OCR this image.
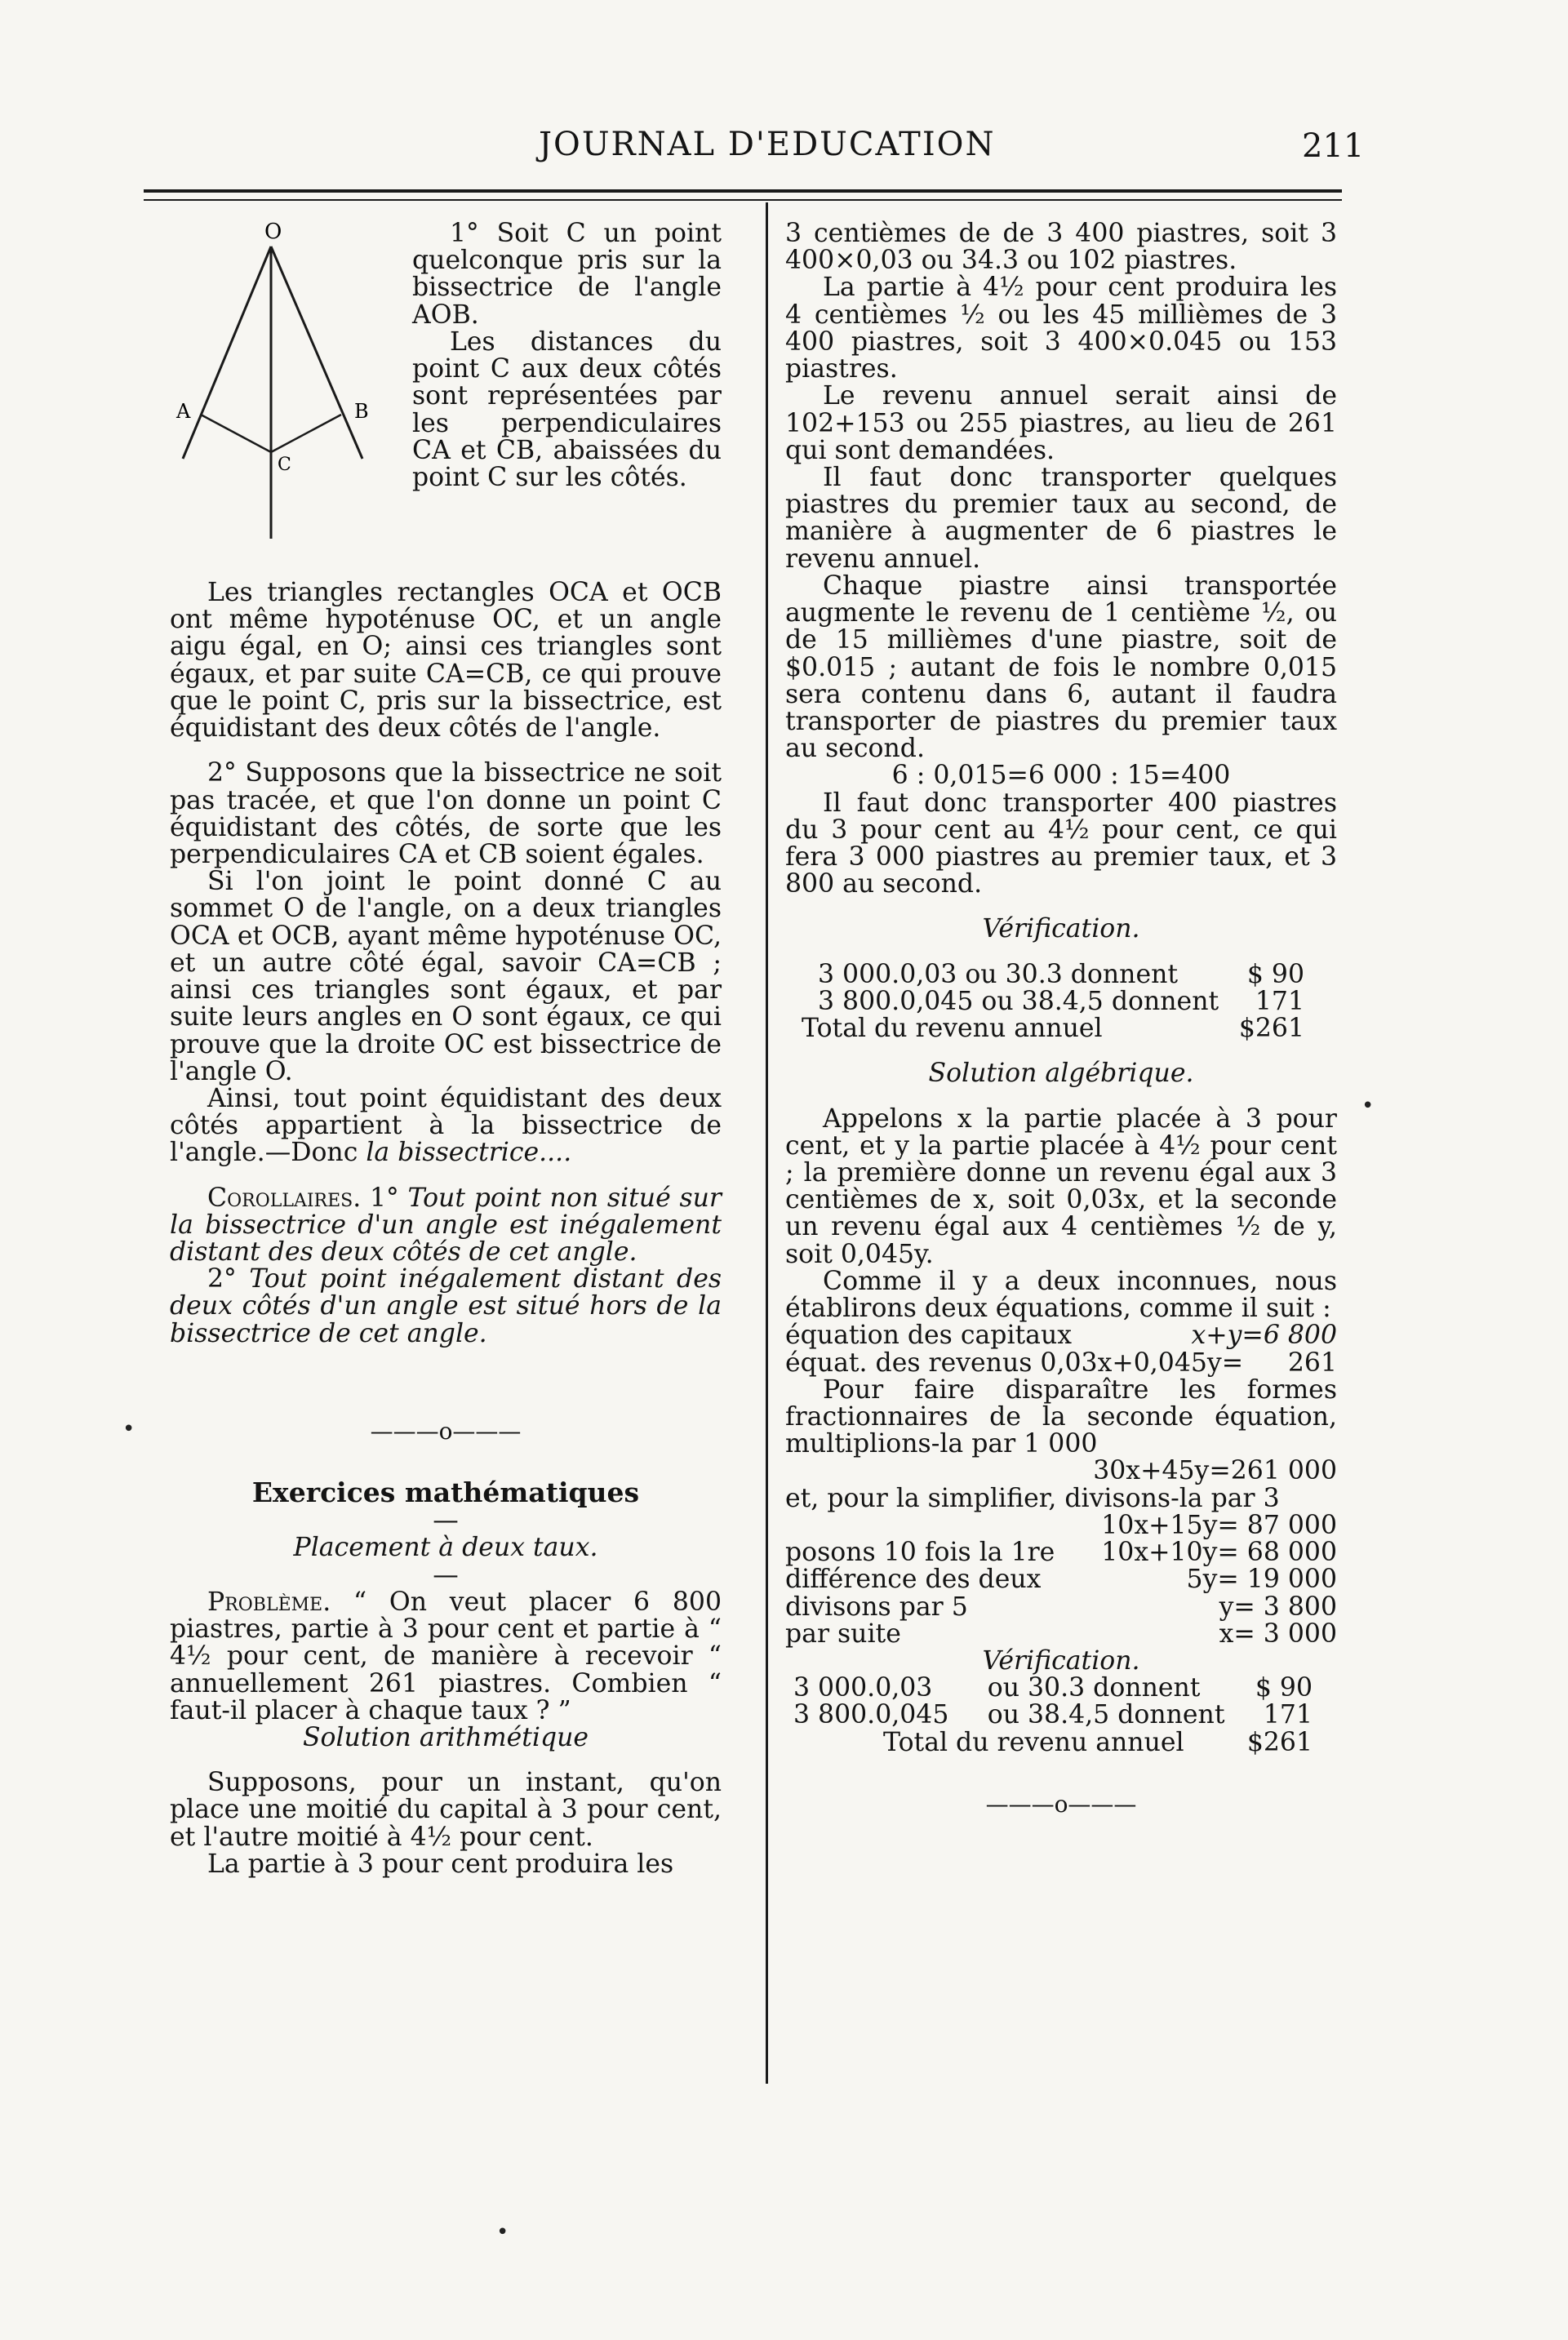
JOURNAL D'EDUCATION	211
O
A	B
C

1° Soit C un point quelconque pris sur la bissectrice de l'angle AOB.

Les distances du point C aux deux côtés sont représentées par les perpendiculaires CA et CB, abaissées du point C sur les côtés.

Les triangles rectangles OCA et OCB ont même hypoténuse OC, et un angle aigu égal, en O; ainsi ces triangles sont égaux, et par suite CA=CB, ce qui prouve que le point C, pris sur la bissectrice, est équidistant des deux côtés de l'angle.

2° Supposons que la bissectrice ne soit pas tracée, et que l'on donne un point C équidistant des côtés, de sorte que les perpendiculaires CA et CB soient égales.

Si l'on joint le point donné C au sommet O de l'angle, on a deux triangles OCA et OCB, ayant même hypoténuse OC, et un autre côté égal, savoir CA=CB ; ainsi ces triangles sont égaux, et par suite leurs angles en O sont égaux, ce qui prouve que la droite OC est bissectrice de l'angle O.

Ainsi, tout point équidistant des deux côtés appartient à la bissectrice de l'angle.—Donc la bissectrice....

Corollaires. 1° Tout point non situé sur la bissectrice d'un angle est inégalement distant des deux côtés de cet angle.

2° Tout point inégalement distant des deux côtés d'un angle est situé hors de la bissectrice de cet angle.

———o———

Exercices mathématiques

—

Placement à deux taux.

—

Problème. “ On veut placer 6 800 piastres, partie à 3 pour cent et partie à “ 4½ pour cent, de manière à recevoir “ annuellement 261 piastres. Combien “ faut-il placer à chaque taux ? ”

Solution arithmétique

Supposons, pour un instant, qu'on place une moitié du capital à 3 pour cent, et l'autre moitié à 4½ pour cent.

La partie à 3 pour cent produira les

3 centièmes de de 3 400 piastres, soit 3 400×0,03 ou 34.3 ou 102 piastres.

La partie à 4½ pour cent produira les 4 centièmes ½ ou les 45 millièmes de 3 400 piastres, soit 3 400×0.045 ou 153 piastres.

Le revenu annuel serait ainsi de 102+153 ou 255 piastres, au lieu de 261 qui sont demandées.

Il faut donc transporter quelques piastres du premier taux au second, de manière à augmenter de 6 piastres le revenu annuel.

Chaque piastre ainsi transportée augmente le revenu de 1 centième ½, ou de 15 millièmes d'une piastre, soit de $0.015 ; autant de fois le nombre 0,015 sera contenu dans 6, autant il faudra transporter de piastres du premier taux au second.

6 : 0,015=6 000 : 15=400

Il faut donc transporter 400 piastres du 3 pour cent au 4½ pour cent, ce qui fera 3 000 piastres au premier taux, et 3 800 au second.

Vérification.

3 000.0,03 ou 30.3 donnent	$ 90
3 800.0,045 ou 38.4,5 donnent 171
Total du revenu annuel	$261

Solution algébrique.

Appelons x la partie placée à 3 pour cent, et y la partie placée à 4½ pour cent ; la première donne un revenu égal aux 3 centièmes de x, soit 0,03x, et la seconde un revenu égal aux 4 centièmes ½ de y, soit 0,045y.

Comme il y a deux inconnues, nous établirons deux équations, comme il suit :

équation des capitaux	x+y=6 800
équat. des revenus 0,03x+0,045y= 261

Pour faire disparaître les formes fractionnaires de la seconde équation, multiplions-la par 1 000

30x+45y=261 000

et, pour la simplifier, divisons-la par 3

10x+15y= 87 000

posons 10 fois la 1re 10x+10y= 68 000
différence des deux	5y= 19 000
divisons par 5	y= 3 800
par suite	x= 3 000

Vérification.

3 000.0,03 ou 30.3 donnent $ 90
3 800.0,045 ou 38.4,5 donnent 171
Total du revenu annuel $261

———o———

•
•
•
